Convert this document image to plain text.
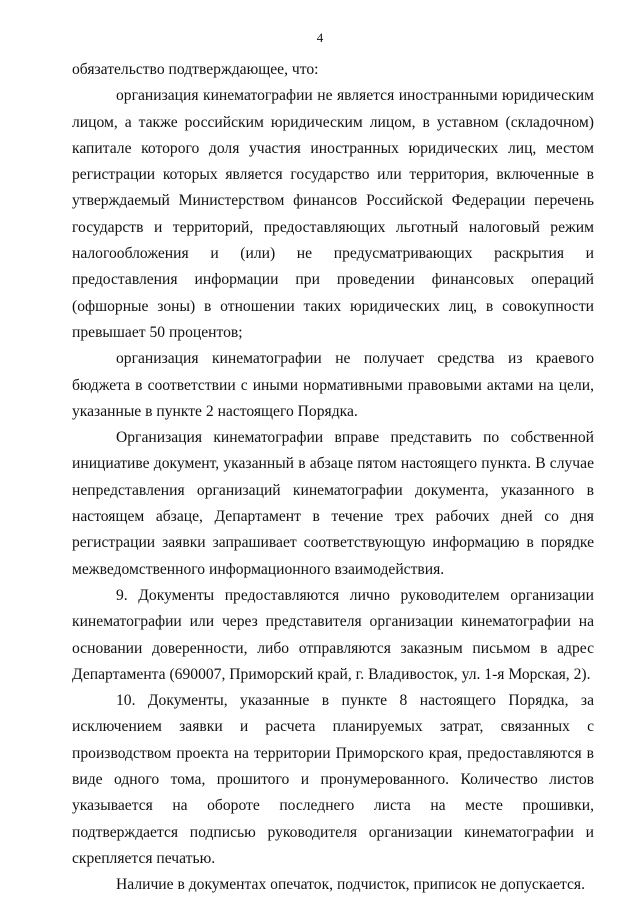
4

обязательство подтверждающее, что:

организация кинематографии не является иностранными юридическим лицом, а также российским юридическим лицом, в уставном (складочном) капитале которого доля участия иностранных юридических лиц, местом регистрации которых является государство или территория, включенные в утверждаемый Министерством финансов Российской Федерации перечень государств и территорий, предоставляющих льготный налоговый режим налогообложения и (или) не предусматривающих раскрытия и предоставления информации при проведении финансовых операций (офшорные зоны) в отношении таких юридических лиц, в совокупности превышает 50 процентов;

организация кинематографии не получает средства из краевого бюджета в соответствии с иными нормативными правовыми актами на цели, указанные в пункте 2 настоящего Порядка.

Организация кинематографии вправе представить по собственной инициативе документ, указанный в абзаце пятом настоящего пункта. В случае непредставления организаций кинематографии документа, указанного в настоящем абзаце, Департамент в течение трех рабочих дней со дня регистрации заявки запрашивает соответствующую информацию в порядке межведомственного информационного взаимодействия.

9. Документы предоставляются лично руководителем организации кинематографии или через представителя организации кинематографии на основании доверенности, либо отправляются заказным письмом в адрес Департамента (690007, Приморский край, г. Владивосток, ул. 1-я Морская, 2).

10. Документы, указанные в пункте 8 настоящего Порядка, за исключением заявки и расчета планируемых затрат, связанных с производством проекта на территории Приморского края, предоставляются в виде одного тома, прошитого и пронумерованного. Количество листов указывается на обороте последнего листа на месте прошивки, подтверждается подписью руководителя организации кинематографии и скрепляется печатью.

Наличие в документах опечаток, подчисток, приписок не допускается.
